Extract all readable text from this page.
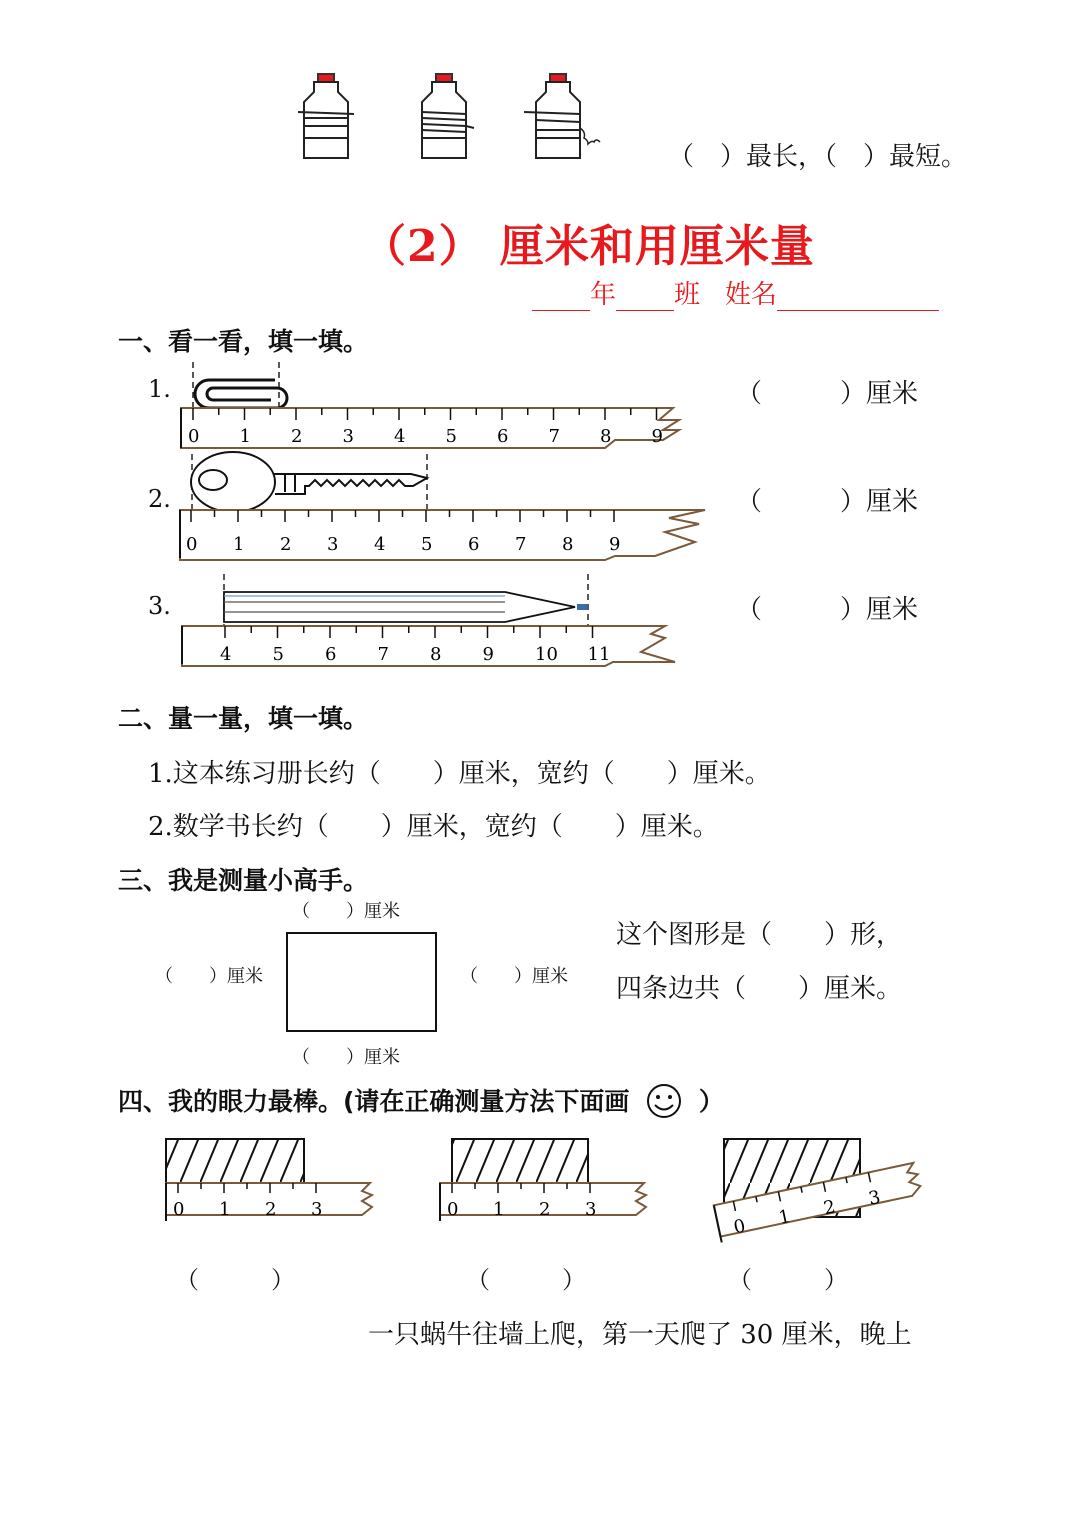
（　）最长，（　）最短。
（2） 厘米和用厘米量
年 班 姓名
一、看一看，填一填。
1.
0 1 2 3 4 5 6 7 8 9
（　　　）厘米
2.
0 1 2 3 4 5 6 7 8 9
（　　　）厘米
3.
4 5 6 7 8 9 10 11
（　　　）厘米
二、量一量，填一填。
1.这本练习册长约（　　）厘米，宽约（　　）厘米。
2.数学书长约（　　）厘米，宽约（　　）厘米。
三、我是测量小高手。
（　　）厘米
（　　）厘米	（　　）厘米
（　　）厘米
这个图形是（　　）形，
四条边共（　　）厘米。
四、我的眼力最棒。(请在正确测量方法下面画	）
0 1 2 3
（　　　）
0 1 2 3
（　　　）
0 1 2 3
（　　　）
一只蜗牛往墙上爬，第一天爬了 30 厘米，晚上
